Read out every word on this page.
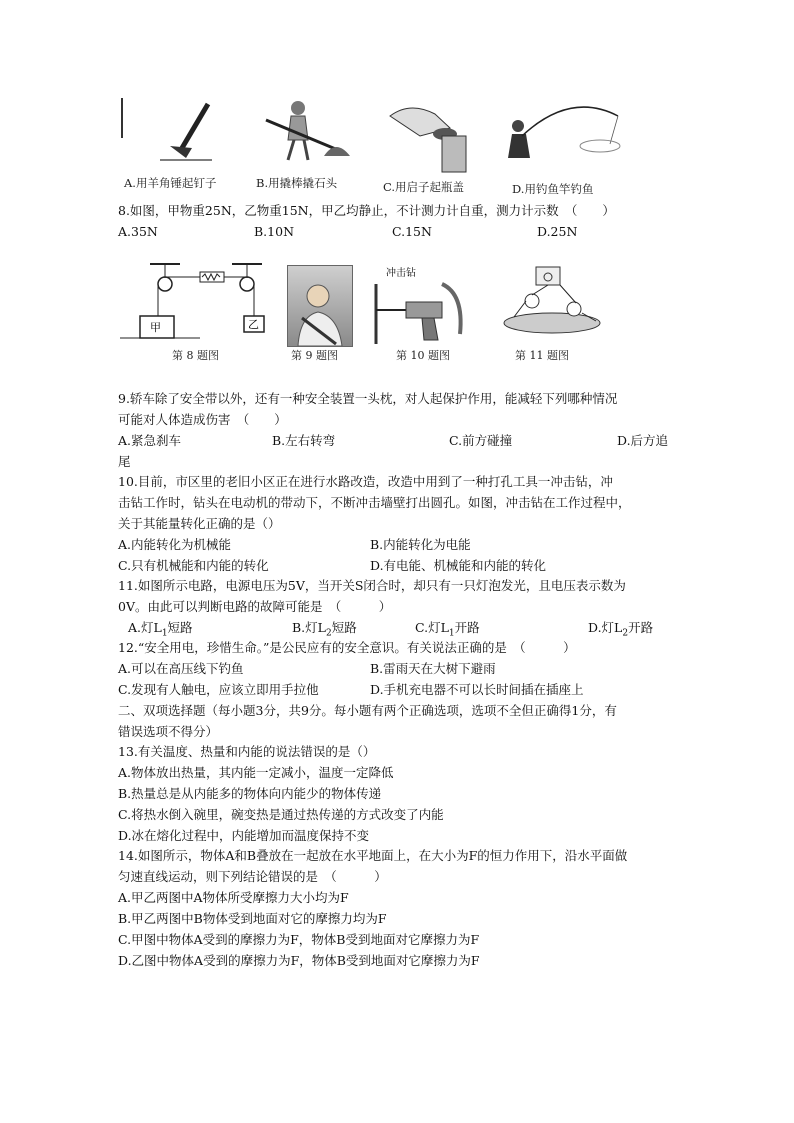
A.用羊角锤起钉子	B.用撬棒撬石头	C.用启子起瓶盖	D.用钓鱼竿钓鱼
8.如图，甲物重25N，乙物重15N，甲乙均静止，不计测力计自重，测力计示数　（　　）
A.35N	B.10N	C.15N	D.25N
甲	乙
冲击钻
第 8 题图	第 9 题图	第 10 题图	第 11 题图
9.轿车除了安全带以外，还有一种安全装置一头枕，对人起保护作用，能减轻下列哪种情况
可能对人体造成伤害　（　　）
A.紧急刹车	B.左右转弯	C.前方碰撞	D.后方追
尾
10.目前，市区里的老旧小区正在进行水路改造，改造中用到了一种打孔工具一冲击钻，冲
击钻工作时，钻头在电动机的带动下，不断冲击墙壁打出圆孔。如图，冲击钻在工作过程中，
关于其能量转化正确的是（）
A.内能转化为机械能	B.内能转化为电能
C.只有机械能和内能的转化	D.有电能、机械能和内能的转化
11.如图所示电路，电源电压为5V，当开关S闭合时，却只有一只灯泡发光，且电压表示数为
0V。由此可以判断电路的故障可能是　（　　　）
A.灯$L_1$短路	B.灯$L_2$短路	C.灯$L_1$开路	D.灯$L_2$开路
12.“安全用电，珍惜生命。”是公民应有的安全意识。有关说法正确的是　（　　　）
A.可以在高压线下钓鱼	B.雷雨天在大树下避雨
C.发现有人触电，应该立即用手拉他	D.手机充电器不可以长时间插在插座上
二、双项选择题（每小题3分，共9分。每小题有两个正确选项，选项不全但正确得1分，有
错误选项不得分）
13.有关温度、热量和内能的说法错误的是（）
A.物体放出热量，其内能一定减小，温度一定降低
B.热量总是从内能多的物体向内能少的物体传递
C.将热水倒入碗里，碗变热是通过热传递的方式改变了内能
D.冰在熔化过程中，内能增加而温度保持不变
14.如图所示，物体A和B叠放在一起放在水平地面上，在大小为F的恒力作用下，沿水平面做
匀速直线运动，则下列结论错误的是　（　　　）
A.甲乙两图中A物体所受摩擦力大小均为F
B.甲乙两图中B物体受到地面对它的摩擦力均为F
C.甲图中物体A受到的摩擦力为F，物体B受到地面对它摩擦力为F
D.乙图中物体A受到的摩擦力为F，物体B受到地面对它摩擦力为F
